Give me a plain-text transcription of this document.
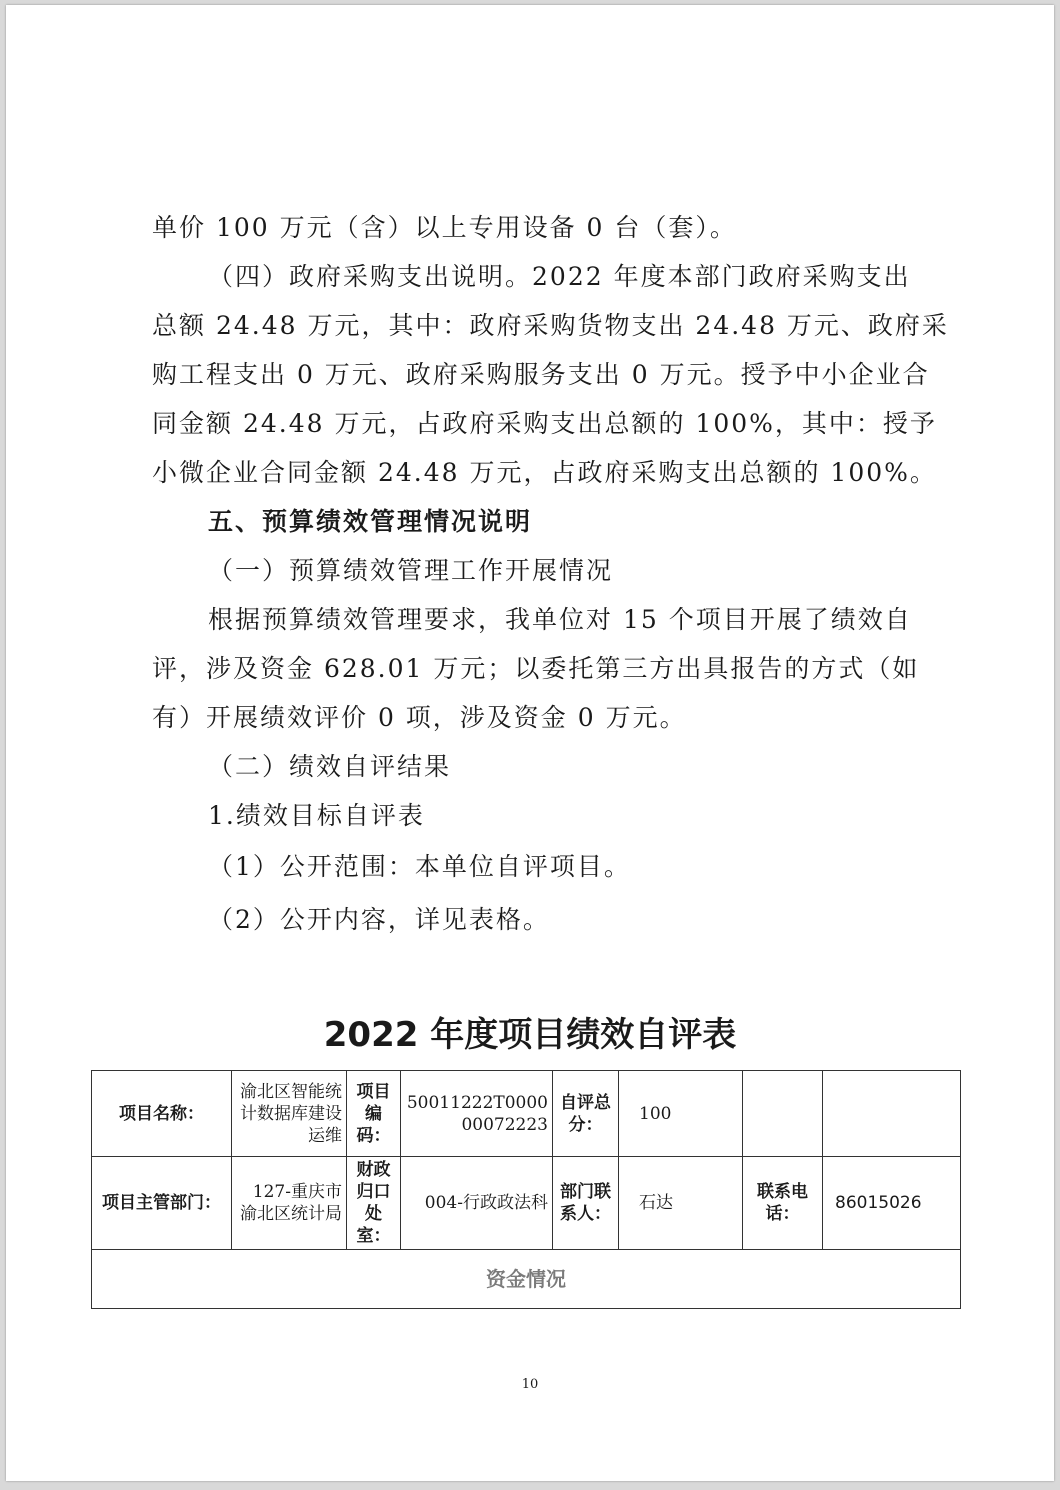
单价 100 万元（含）以上专用设备 0 台（套）。
（四）政府采购支出说明。2022 年度本部门政府采购支出
总额 24.48 万元，其中：政府采购货物支出 24.48 万元、政府采
购工程支出 0 万元、政府采购服务支出 0 万元。授予中小企业合
同金额 24.48 万元，占政府采购支出总额的 100%，其中：授予
小微企业合同金额 24.48 万元，占政府采购支出总额的 100%。
五、预算绩效管理情况说明
（一）预算绩效管理工作开展情况
根据预算绩效管理要求，我单位对 15 个项目开展了绩效自
评，涉及资金 628.01 万元；以委托第三方出具报告的方式（如
有）开展绩效评价 0 项，涉及资金 0 万元。
（二）绩效自评结果
1.绩效目标自评表
（1）公开范围：本单位自评项目。
（2）公开内容，详见表格。
2022 年度项目绩效自评表
项目名称：	渝北区智能统计数据库建设运维	项目编码：	50011222T000000072223	自评总分：	100		
项目主管部门：	127-重庆市渝北区统计局	财政归口处室：	004-行政政法科	部门联系人：	石达	联系电话：	86015026
资金情况							
10
